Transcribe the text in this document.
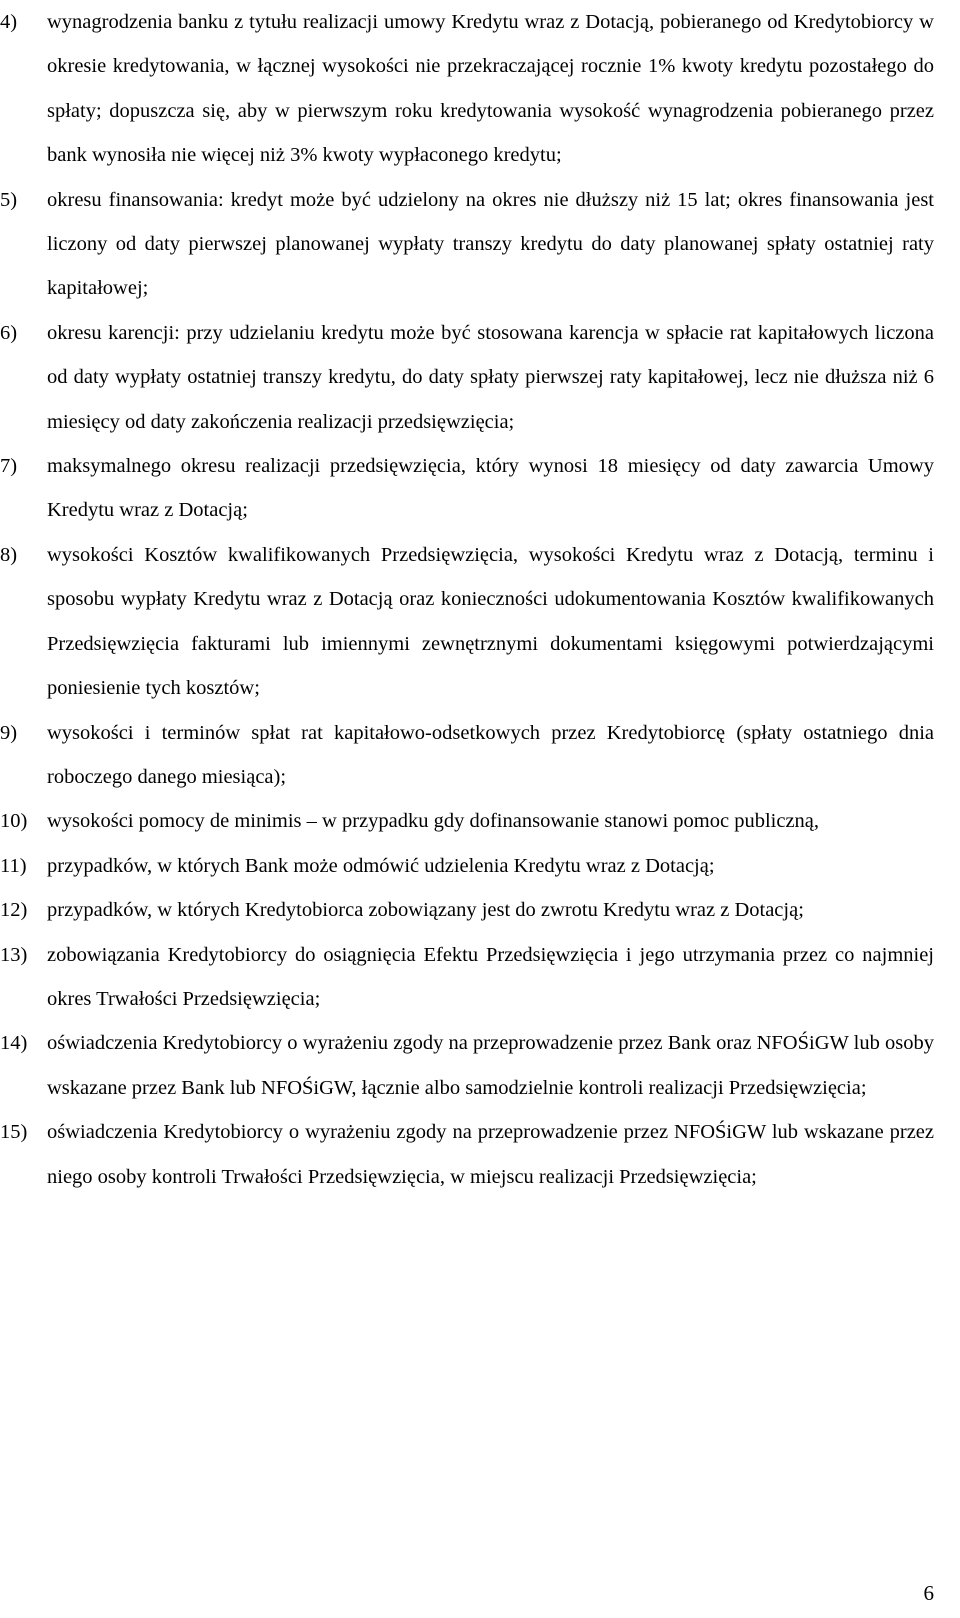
4) wynagrodzenia banku z tytułu realizacji umowy Kredytu wraz z Dotacją, pobieranego od Kredytobiorcy w okresie kredytowania, w łącznej wysokości nie przekraczającej rocznie 1% kwoty kredytu pozostałego do spłaty; dopuszcza się, aby w pierwszym roku kredytowania wysokość wynagrodzenia pobieranego przez bank wynosiła nie więcej niż 3% kwoty wypłaconego kredytu;
5) okresu finansowania: kredyt może być udzielony na okres nie dłuższy niż 15 lat; okres finansowania jest liczony od daty pierwszej planowanej wypłaty transzy kredytu do daty planowanej spłaty ostatniej raty kapitałowej;
6) okresu karencji: przy udzielaniu kredytu może być stosowana karencja w spłacie rat kapitałowych liczona od daty wypłaty ostatniej transzy kredytu, do daty spłaty pierwszej raty kapitałowej, lecz nie dłuższa niż 6 miesięcy od daty zakończenia realizacji przedsięwzięcia;
7) maksymalnego okresu realizacji przedsięwzięcia, który wynosi 18 miesięcy od daty zawarcia Umowy Kredytu wraz z Dotacją;
8) wysokości Kosztów kwalifikowanych Przedsięwzięcia, wysokości Kredytu wraz z Dotacją, terminu i sposobu wypłaty Kredytu wraz z Dotacją oraz konieczności udokumentowania Kosztów kwalifikowanych Przedsięwzięcia fakturami lub imiennymi zewnętrznymi dokumentami księgowymi potwierdzającymi poniesienie tych kosztów;
9) wysokości i terminów spłat rat kapitałowo-odsetkowych przez Kredytobiorcę (spłaty ostatniego dnia roboczego danego miesiąca);
10) wysokości pomocy de minimis – w przypadku gdy dofinansowanie stanowi pomoc publiczną,
11) przypadków, w których Bank może odmówić udzielenia Kredytu wraz z Dotacją;
12) przypadków, w których Kredytobiorca zobowiązany jest do zwrotu Kredytu wraz z Dotacją;
13) zobowiązania Kredytobiorcy do osiągnięcia Efektu Przedsięwzięcia i jego utrzymania przez co najmniej okres Trwałości Przedsięwzięcia;
14) oświadczenia Kredytobiorcy o wyrażeniu zgody na przeprowadzenie przez Bank oraz NFOŚiGW lub osoby wskazane przez Bank lub NFOŚiGW, łącznie albo samodzielnie kontroli realizacji Przedsięwzięcia;
15) oświadczenia Kredytobiorcy o wyrażeniu zgody na przeprowadzenie przez NFOŚiGW lub wskazane przez niego osoby kontroli Trwałości Przedsięwzięcia, w miejscu realizacji Przedsięwzięcia;
6
